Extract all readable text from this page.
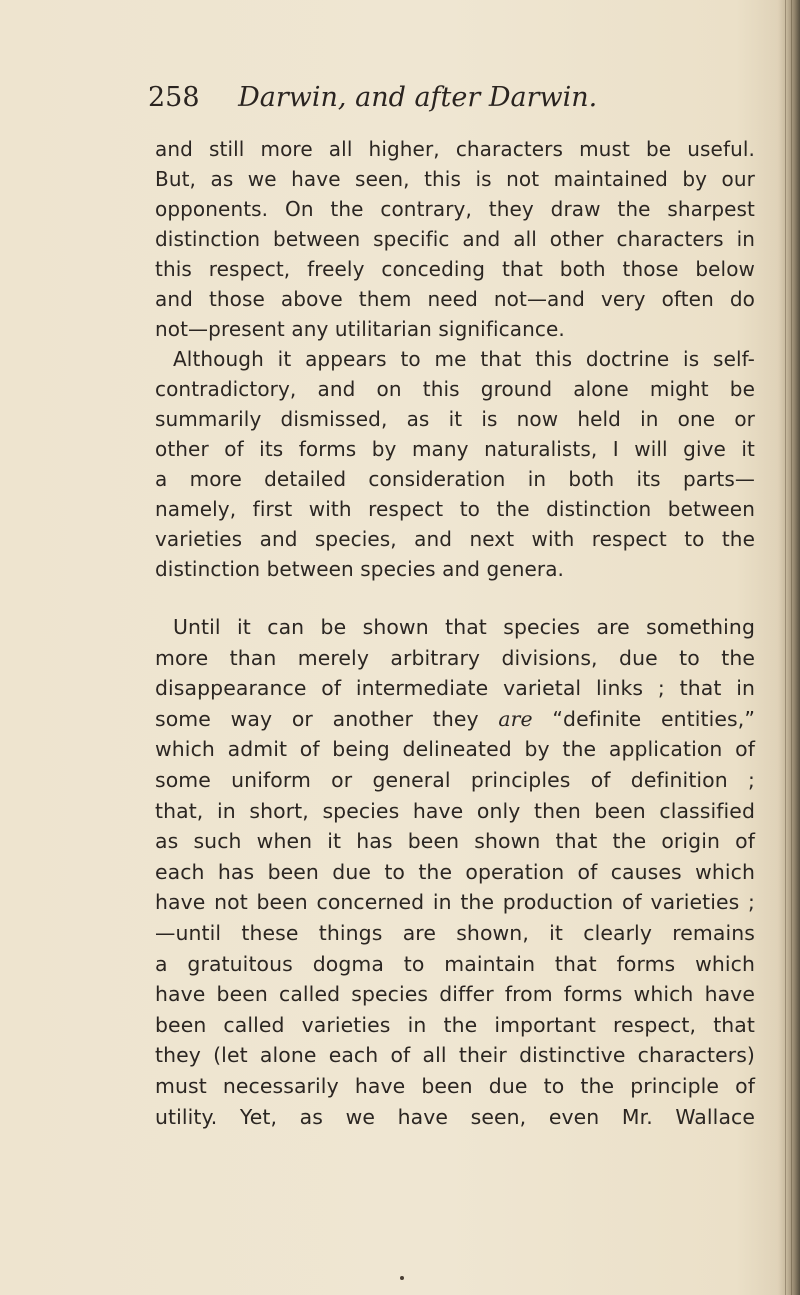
258 Darwin, and after Darwin.
and still more all higher, characters must be useful.
But, as we have seen, this is not maintained by our
opponents. On the contrary, they draw the sharpest
distinction between specific and all other characters in
this respect, freely conceding that both those below
and those above them need not—and very often do
not—present any utilitarian significance.
Although it appears to me that this doctrine is self-
contradictory, and on this ground alone might be
summarily dismissed, as it is now held in one or
other of its forms by many naturalists, I will give it
a more detailed consideration in both its parts—
namely, first with respect to the distinction between
varieties and species, and next with respect to the
distinction between species and genera.
Until it can be shown that species are something
more than merely arbitrary divisions, due to the
disappearance of intermediate varietal links ; that in
some way or another they are “definite entities,”
which admit of being delineated by the application of
some uniform or general principles of definition ;
that, in short, species have only then been classified
as such when it has been shown that the origin of
each has been due to the operation of causes which
have not been concerned in the production of varieties ;
—until these things are shown, it clearly remains
a gratuitous dogma to maintain that forms which
have been called species differ from forms which have
been called varieties in the important respect, that
they (let alone each of all their distinctive characters)
must necessarily have been due to the principle of
utility. Yet, as we have seen, even Mr. Wallace
